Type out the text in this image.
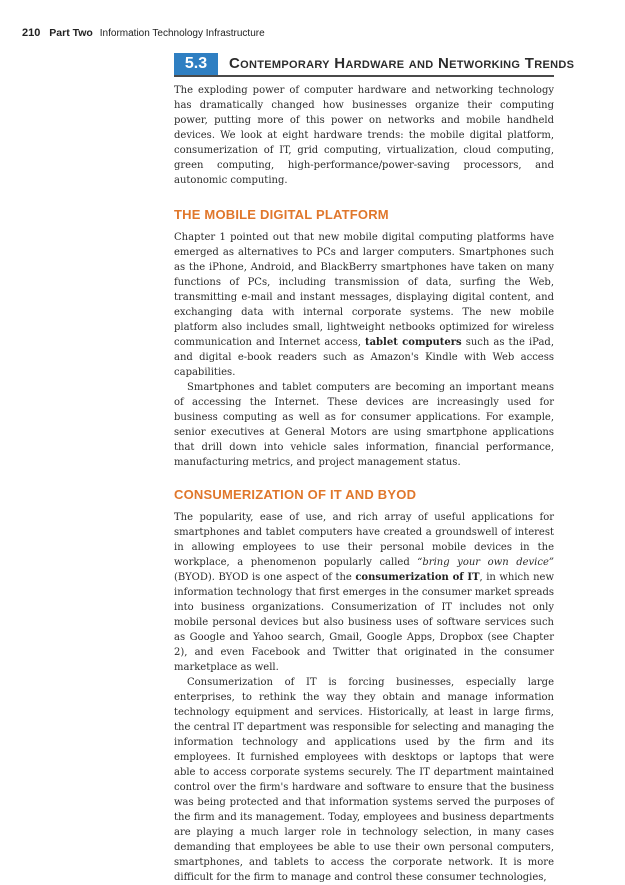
210 Part Two Information Technology Infrastructure
5.3	Contemporary Hardware and Networking Trends

The exploding power of computer hardware and networking technology has dramatically changed how businesses organize their computing power, putting more of this power on networks and mobile handheld devices. We look at eight hardware trends: the mobile digital platform, consumerization of IT, grid computing, virtualization, cloud computing, green computing, high-performance/power-saving processors, and autonomic computing.

THE MOBILE DIGITAL PLATFORM

Chapter 1 pointed out that new mobile digital computing platforms have emerged as alternatives to PCs and larger computers. Smartphones such as the iPhone, Android, and BlackBerry smartphones have taken on many functions of PCs, including transmission of data, surfing the Web, transmitting e-mail and instant messages, displaying digital content, and exchanging data with internal corporate systems. The new mobile platform also includes small, lightweight netbooks optimized for wireless communication and Internet access, tablet computers such as the iPad, and digital e-book readers such as Amazon's Kindle with Web access capabilities.

Smartphones and tablet computers are becoming an important means of accessing the Internet. These devices are increasingly used for business computing as well as for consumer applications. For example, senior executives at General Motors are using smartphone applications that drill down into vehicle sales information, financial performance, manufacturing metrics, and project management status.

CONSUMERIZATION OF IT AND BYOD

The popularity, ease of use, and rich array of useful applications for smartphones and tablet computers have created a groundswell of interest in allowing employees to use their personal mobile devices in the workplace, a phenomenon popularly called “bring your own device” (BYOD). BYOD is one aspect of the consumerization of IT, in which new information technology that first emerges in the consumer market spreads into business organizations. Consumerization of IT includes not only mobile personal devices but also business uses of software services such as Google and Yahoo search, Gmail, Google Apps, Dropbox (see Chapter 2), and even Facebook and Twitter that originated in the consumer marketplace as well.

Consumerization of IT is forcing businesses, especially large enterprises, to rethink the way they obtain and manage information technology equipment and services. Historically, at least in large firms, the central IT department was responsible for selecting and managing the information technology and applications used by the firm and its employees. It furnished employees with desktops or laptops that were able to access corporate systems securely. The IT department maintained control over the firm's hardware and software to ensure that the business was being protected and that information systems served the purposes of the firm and its management. Today, employees and business departments are playing a much larger role in technology selection, in many cases demanding that employees be able to use their own personal computers, smartphones, and tablets to access the corporate network. It is more difficult for the firm to manage and control these consumer technologies,
